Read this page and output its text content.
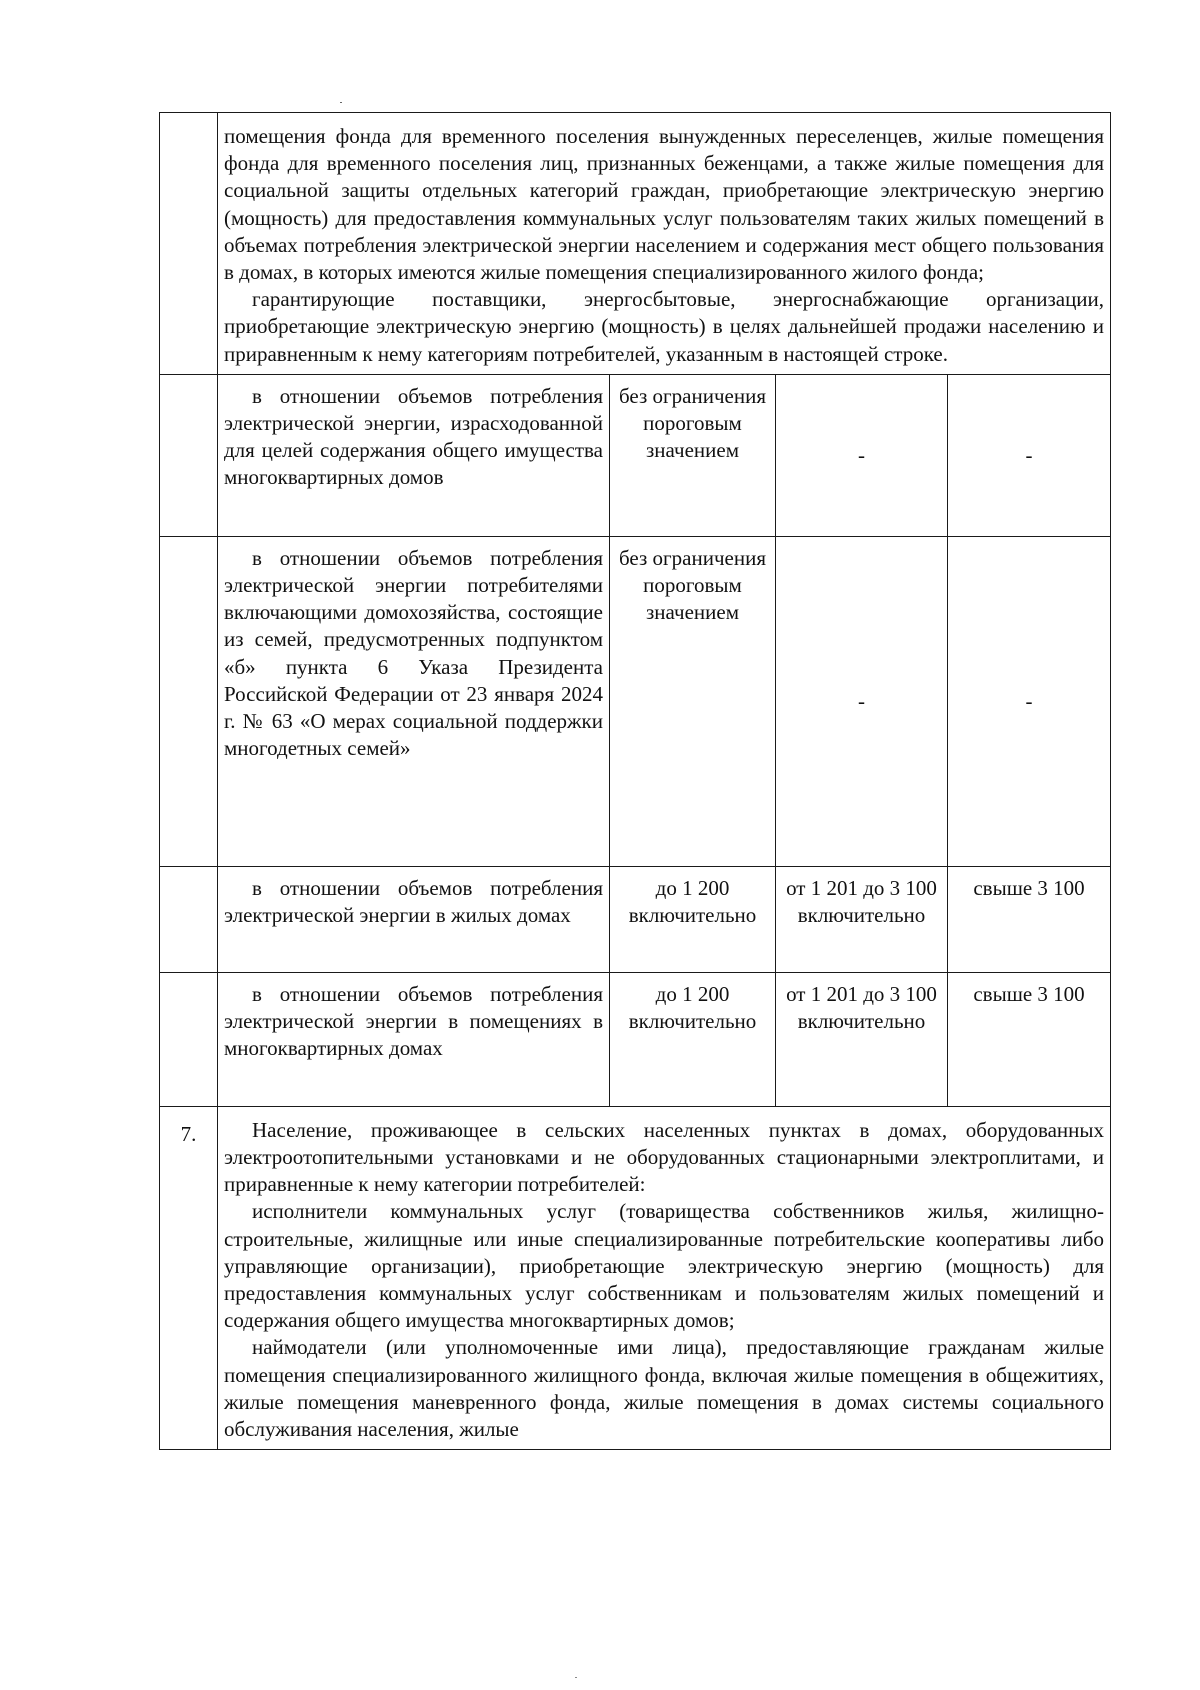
	помещения фонда для временного поселения вынужденных переселенцев, жилые помещения фонда для временного поселения лиц, признанных беженцами, а также жилые помещения для социальной защиты отдельных категорий граждан, приобретающие электрическую энергию (мощность) для предоставления коммунальных услуг пользователям таких жилых помещений в объемах потребления электрической энергии населением и содержания мест общего пользования в домах, в которых имеются жилые помещения специализированного жилого фонда;

гарантирующие поставщики, энергосбытовые, энергоснабжающие организации, приобретающие электрическую энергию (мощность) в целях дальнейшей продажи населению и приравненным к нему категориям потребителей, указанным в настоящей строке.			

	в отношении объемов потребления электрической энергии, израсходованной для целей содержания общего имущества многоквартирных домов	без ограничения пороговым значением	-	-

	в отношении объемов потребления электрической энергии потребителями включающими домохозяйства, состоящие из семей, предусмотренных подпунктом «б» пункта 6 Указа Президента Российской Федерации от 23 января 2024 г. № 63 «О мерах социальной поддержки многодетных семей»	без ограничения пороговым значением	-	-

	в отношении объемов потребления электрической энергии в жилых домах	до 1 200 включительно	от 1 201 до 3 100 включительно	свыше 3 100

	в отношении объемов потребления электрической энергии в помещениях в многоквартирных домах	до 1 200 включительно	от 1 201 до 3 100 включительно	свыше 3 100
7.	Население, проживающее в сельских населенных пунктах в домах, оборудованных электроотопительными установками и не оборудованных стационарными электроплитами, и приравненные к нему категории потребителей:

исполнители коммунальных услуг (товарищества собственников жилья, жилищно-строительные, жилищные или иные специализированные потребительские кооперативы либо управляющие организации), приобретающие электрическую энергию (мощность) для предоставления коммунальных услуг собственникам и пользователям жилых помещений и содержания общего имущества многоквартирных домов;

наймодатели (или уполномоченные ими лица), предоставляющие гражданам жилые помещения специализированного жилищного фонда, включая жилые помещения в общежитиях, жилые помещения маневренного фонда, жилые помещения в домах системы социального обслуживания населения, жилые			
